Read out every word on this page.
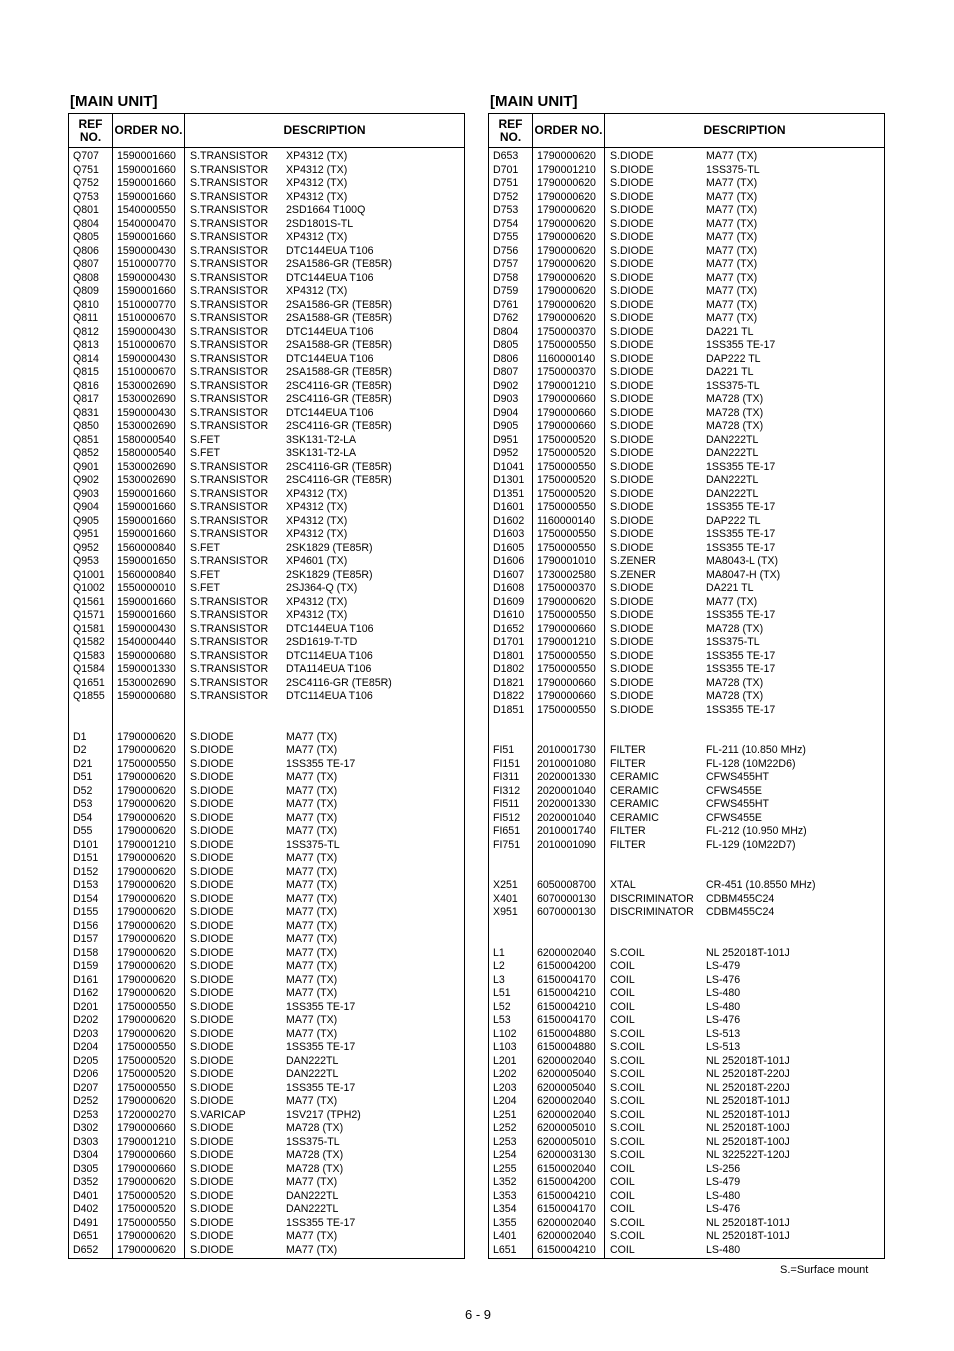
[MAIN UNIT]
REF NO.	ORDER NO.	DESCRIPTION
Q707	1590001660	S.TRANSISTOR	XP4312 (TX)
Q751	1590001660	S.TRANSISTOR	XP4312 (TX)
Q752	1590001660	S.TRANSISTOR	XP4312 (TX)
Q753	1590001660	S.TRANSISTOR	XP4312 (TX)
Q801	1540000550	S.TRANSISTOR	2SD1664 T100Q
Q804	1540000470	S.TRANSISTOR	2SD1801S-TL
Q805	1590001660	S.TRANSISTOR	XP4312 (TX)
Q806	1590000430	S.TRANSISTOR	DTC144EUA T106
Q807	1510000770	S.TRANSISTOR	2SA1586-GR (TE85R)
Q808	1590000430	S.TRANSISTOR	DTC144EUA T106
Q809	1590001660	S.TRANSISTOR	XP4312 (TX)
Q810	1510000770	S.TRANSISTOR	2SA1586-GR (TE85R)
Q811	1510000670	S.TRANSISTOR	2SA1588-GR (TE85R)
Q812	1590000430	S.TRANSISTOR	DTC144EUA T106
Q813	1510000670	S.TRANSISTOR	2SA1588-GR (TE85R)
Q814	1590000430	S.TRANSISTOR	DTC144EUA T106
Q815	1510000670	S.TRANSISTOR	2SA1588-GR (TE85R)
Q816	1530002690	S.TRANSISTOR	2SC4116-GR (TE85R)
Q817	1530002690	S.TRANSISTOR	2SC4116-GR (TE85R)
Q831	1590000430	S.TRANSISTOR	DTC144EUA T106
Q850	1530002690	S.TRANSISTOR	2SC4116-GR (TE85R)
Q851	1580000540	S.FET	3SK131-T2-LA
Q852	1580000540	S.FET	3SK131-T2-LA
Q901	1530002690	S.TRANSISTOR	2SC4116-GR (TE85R)
Q902	1530002690	S.TRANSISTOR	2SC4116-GR (TE85R)
Q903	1590001660	S.TRANSISTOR	XP4312 (TX)
Q904	1590001660	S.TRANSISTOR	XP4312 (TX)
Q905	1590001660	S.TRANSISTOR	XP4312 (TX)
Q951	1590001660	S.TRANSISTOR	XP4312 (TX)
Q952	1560000840	S.FET	2SK1829 (TE85R)
Q953	1590001650	S.TRANSISTOR	XP4601 (TX)
Q1001	1560000840	S.FET	2SK1829 (TE85R)
Q1002	1550000010	S.FET	2SJ364-Q (TX)
Q1561	1590001660	S.TRANSISTOR	XP4312 (TX)
Q1571	1590001660	S.TRANSISTOR	XP4312 (TX)
Q1581	1590000430	S.TRANSISTOR	DTC144EUA T106
Q1582	1540000440	S.TRANSISTOR	2SD1619-T-TD
Q1583	1590000680	S.TRANSISTOR	DTC114EUA T106
Q1584	1590001330	S.TRANSISTOR	DTA114EUA T106
Q1651	1530002690	S.TRANSISTOR	2SC4116-GR (TE85R)
Q1855	1590000680	S.TRANSISTOR	DTC114EUA T106
D1	1790000620	S.DIODE	MA77 (TX)
D2	1790000620	S.DIODE	MA77 (TX)
D21	1750000550	S.DIODE	1SS355 TE-17
D51	1790000620	S.DIODE	MA77 (TX)
D52	1790000620	S.DIODE	MA77 (TX)
D53	1790000620	S.DIODE	MA77 (TX)
D54	1790000620	S.DIODE	MA77 (TX)
D55	1790000620	S.DIODE	MA77 (TX)
D101	1790001210	S.DIODE	1SS375-TL
D151	1790000620	S.DIODE	MA77 (TX)
D152	1790000620	S.DIODE	MA77 (TX)
D153	1790000620	S.DIODE	MA77 (TX)
D154	1790000620	S.DIODE	MA77 (TX)
D155	1790000620	S.DIODE	MA77 (TX)
D156	1790000620	S.DIODE	MA77 (TX)
D157	1790000620	S.DIODE	MA77 (TX)
D158	1790000620	S.DIODE	MA77 (TX)
D159	1790000620	S.DIODE	MA77 (TX)
D161	1790000620	S.DIODE	MA77 (TX)
D162	1790000620	S.DIODE	MA77 (TX)
D201	1750000550	S.DIODE	1SS355 TE-17
D202	1790000620	S.DIODE	MA77 (TX)
D203	1790000620	S.DIODE	MA77 (TX)
D204	1750000550	S.DIODE	1SS355 TE-17
D205	1750000520	S.DIODE	DAN222TL
D206	1750000520	S.DIODE	DAN222TL
D207	1750000550	S.DIODE	1SS355 TE-17
D252	1790000620	S.DIODE	MA77 (TX)
D253	1720000270	S.VARICAP	1SV217 (TPH2)
D302	1790000660	S.DIODE	MA728 (TX)
D303	1790001210	S.DIODE	1SS375-TL
D304	1790000660	S.DIODE	MA728 (TX)
D305	1790000660	S.DIODE	MA728 (TX)
D352	1790000620	S.DIODE	MA77 (TX)
D401	1750000520	S.DIODE	DAN222TL
D402	1750000520	S.DIODE	DAN222TL
D491	1750000550	S.DIODE	1SS355 TE-17
D651	1790000620	S.DIODE	MA77 (TX)
D652	1790000620	S.DIODE	MA77 (TX)
[MAIN UNIT]
REF NO.	ORDER NO.	DESCRIPTION
D653	1790000620	S.DIODE	MA77 (TX)
D701	1790001210	S.DIODE	1SS375-TL
D751	1790000620	S.DIODE	MA77 (TX)
D752	1790000620	S.DIODE	MA77 (TX)
D753	1790000620	S.DIODE	MA77 (TX)
D754	1790000620	S.DIODE	MA77 (TX)
D755	1790000620	S.DIODE	MA77 (TX)
D756	1790000620	S.DIODE	MA77 (TX)
D757	1790000620	S.DIODE	MA77 (TX)
D758	1790000620	S.DIODE	MA77 (TX)
D759	1790000620	S.DIODE	MA77 (TX)
D761	1790000620	S.DIODE	MA77 (TX)
D762	1790000620	S.DIODE	MA77 (TX)
D804	1750000370	S.DIODE	DA221 TL
D805	1750000550	S.DIODE	1SS355 TE-17
D806	1160000140	S.DIODE	DAP222 TL
D807	1750000370	S.DIODE	DA221 TL
D902	1790001210	S.DIODE	1SS375-TL
D903	1790000660	S.DIODE	MA728 (TX)
D904	1790000660	S.DIODE	MA728 (TX)
D905	1790000660	S.DIODE	MA728 (TX)
D951	1750000520	S.DIODE	DAN222TL
D952	1750000520	S.DIODE	DAN222TL
D1041	1750000550	S.DIODE	1SS355 TE-17
D1301	1750000520	S.DIODE	DAN222TL
D1351	1750000520	S.DIODE	DAN222TL
D1601	1750000550	S.DIODE	1SS355 TE-17
D1602	1160000140	S.DIODE	DAP222 TL
D1603	1750000550	S.DIODE	1SS355 TE-17
D1605	1750000550	S.DIODE	1SS355 TE-17
D1606	1790001010	S.ZENER	MA8043-L (TX)
D1607	1730002580	S.ZENER	MA8047-H (TX)
D1608	1750000370	S.DIODE	DA221 TL
D1609	1790000620	S.DIODE	MA77 (TX)
D1610	1750000550	S.DIODE	1SS355 TE-17
D1652	1790000660	S.DIODE	MA728 (TX)
D1701	1790001210	S.DIODE	1SS375-TL
D1801	1750000550	S.DIODE	1SS355 TE-17
D1802	1750000550	S.DIODE	1SS355 TE-17
D1821	1790000660	S.DIODE	MA728 (TX)
D1822	1790000660	S.DIODE	MA728 (TX)
D1851	1750000550	S.DIODE	1SS355 TE-17
FI51	2010001730	FILTER	FL-211 (10.850 MHz)
FI151	2010001080	FILTER	FL-128 (10M22D6)
FI311	2020001330	CERAMIC	CFWS455HT
FI312	2020001040	CERAMIC	CFWS455E
FI511	2020001330	CERAMIC	CFWS455HT
FI512	2020001040	CERAMIC	CFWS455E
FI651	2010001740	FILTER	FL-212 (10.950 MHz)
FI751	2010001090	FILTER	FL-129 (10M22D7)
X251	6050008700	XTAL	CR-451 (10.8550 MHz)
X401	6070000130	DISCRIMINATOR	CDBM455C24
X951	6070000130	DISCRIMINATOR	CDBM455C24
L1	6200002040	S.COIL	NL 252018T-101J
L2	6150004200	COIL	LS-479
L3	6150004170	COIL	LS-476
L51	6150004210	COIL	LS-480
L52	6150004210	COIL	LS-480
L53	6150004170	COIL	LS-476
L102	6150004880	S.COIL	LS-513
L103	6150004880	S.COIL	LS-513
L201	6200002040	S.COIL	NL 252018T-101J
L202	6200005040	S.COIL	NL 252018T-220J
L203	6200005040	S.COIL	NL 252018T-220J
L204	6200002040	S.COIL	NL 252018T-101J
L251	6200002040	S.COIL	NL 252018T-101J
L252	6200005010	S.COIL	NL 252018T-100J
L253	6200005010	S.COIL	NL 252018T-100J
L254	6200003130	S.COIL	NL 322522T-120J
L255	6150002040	COIL	LS-256
L352	6150004200	COIL	LS-479
L353	6150004210	COIL	LS-480
L354	6150004170	COIL	LS-476
L355	6200002040	S.COIL	NL 252018T-101J
L401	6200002040	S.COIL	NL 252018T-101J
L651	6150004210	COIL	LS-480
S.=Surface mount
6 - 9
